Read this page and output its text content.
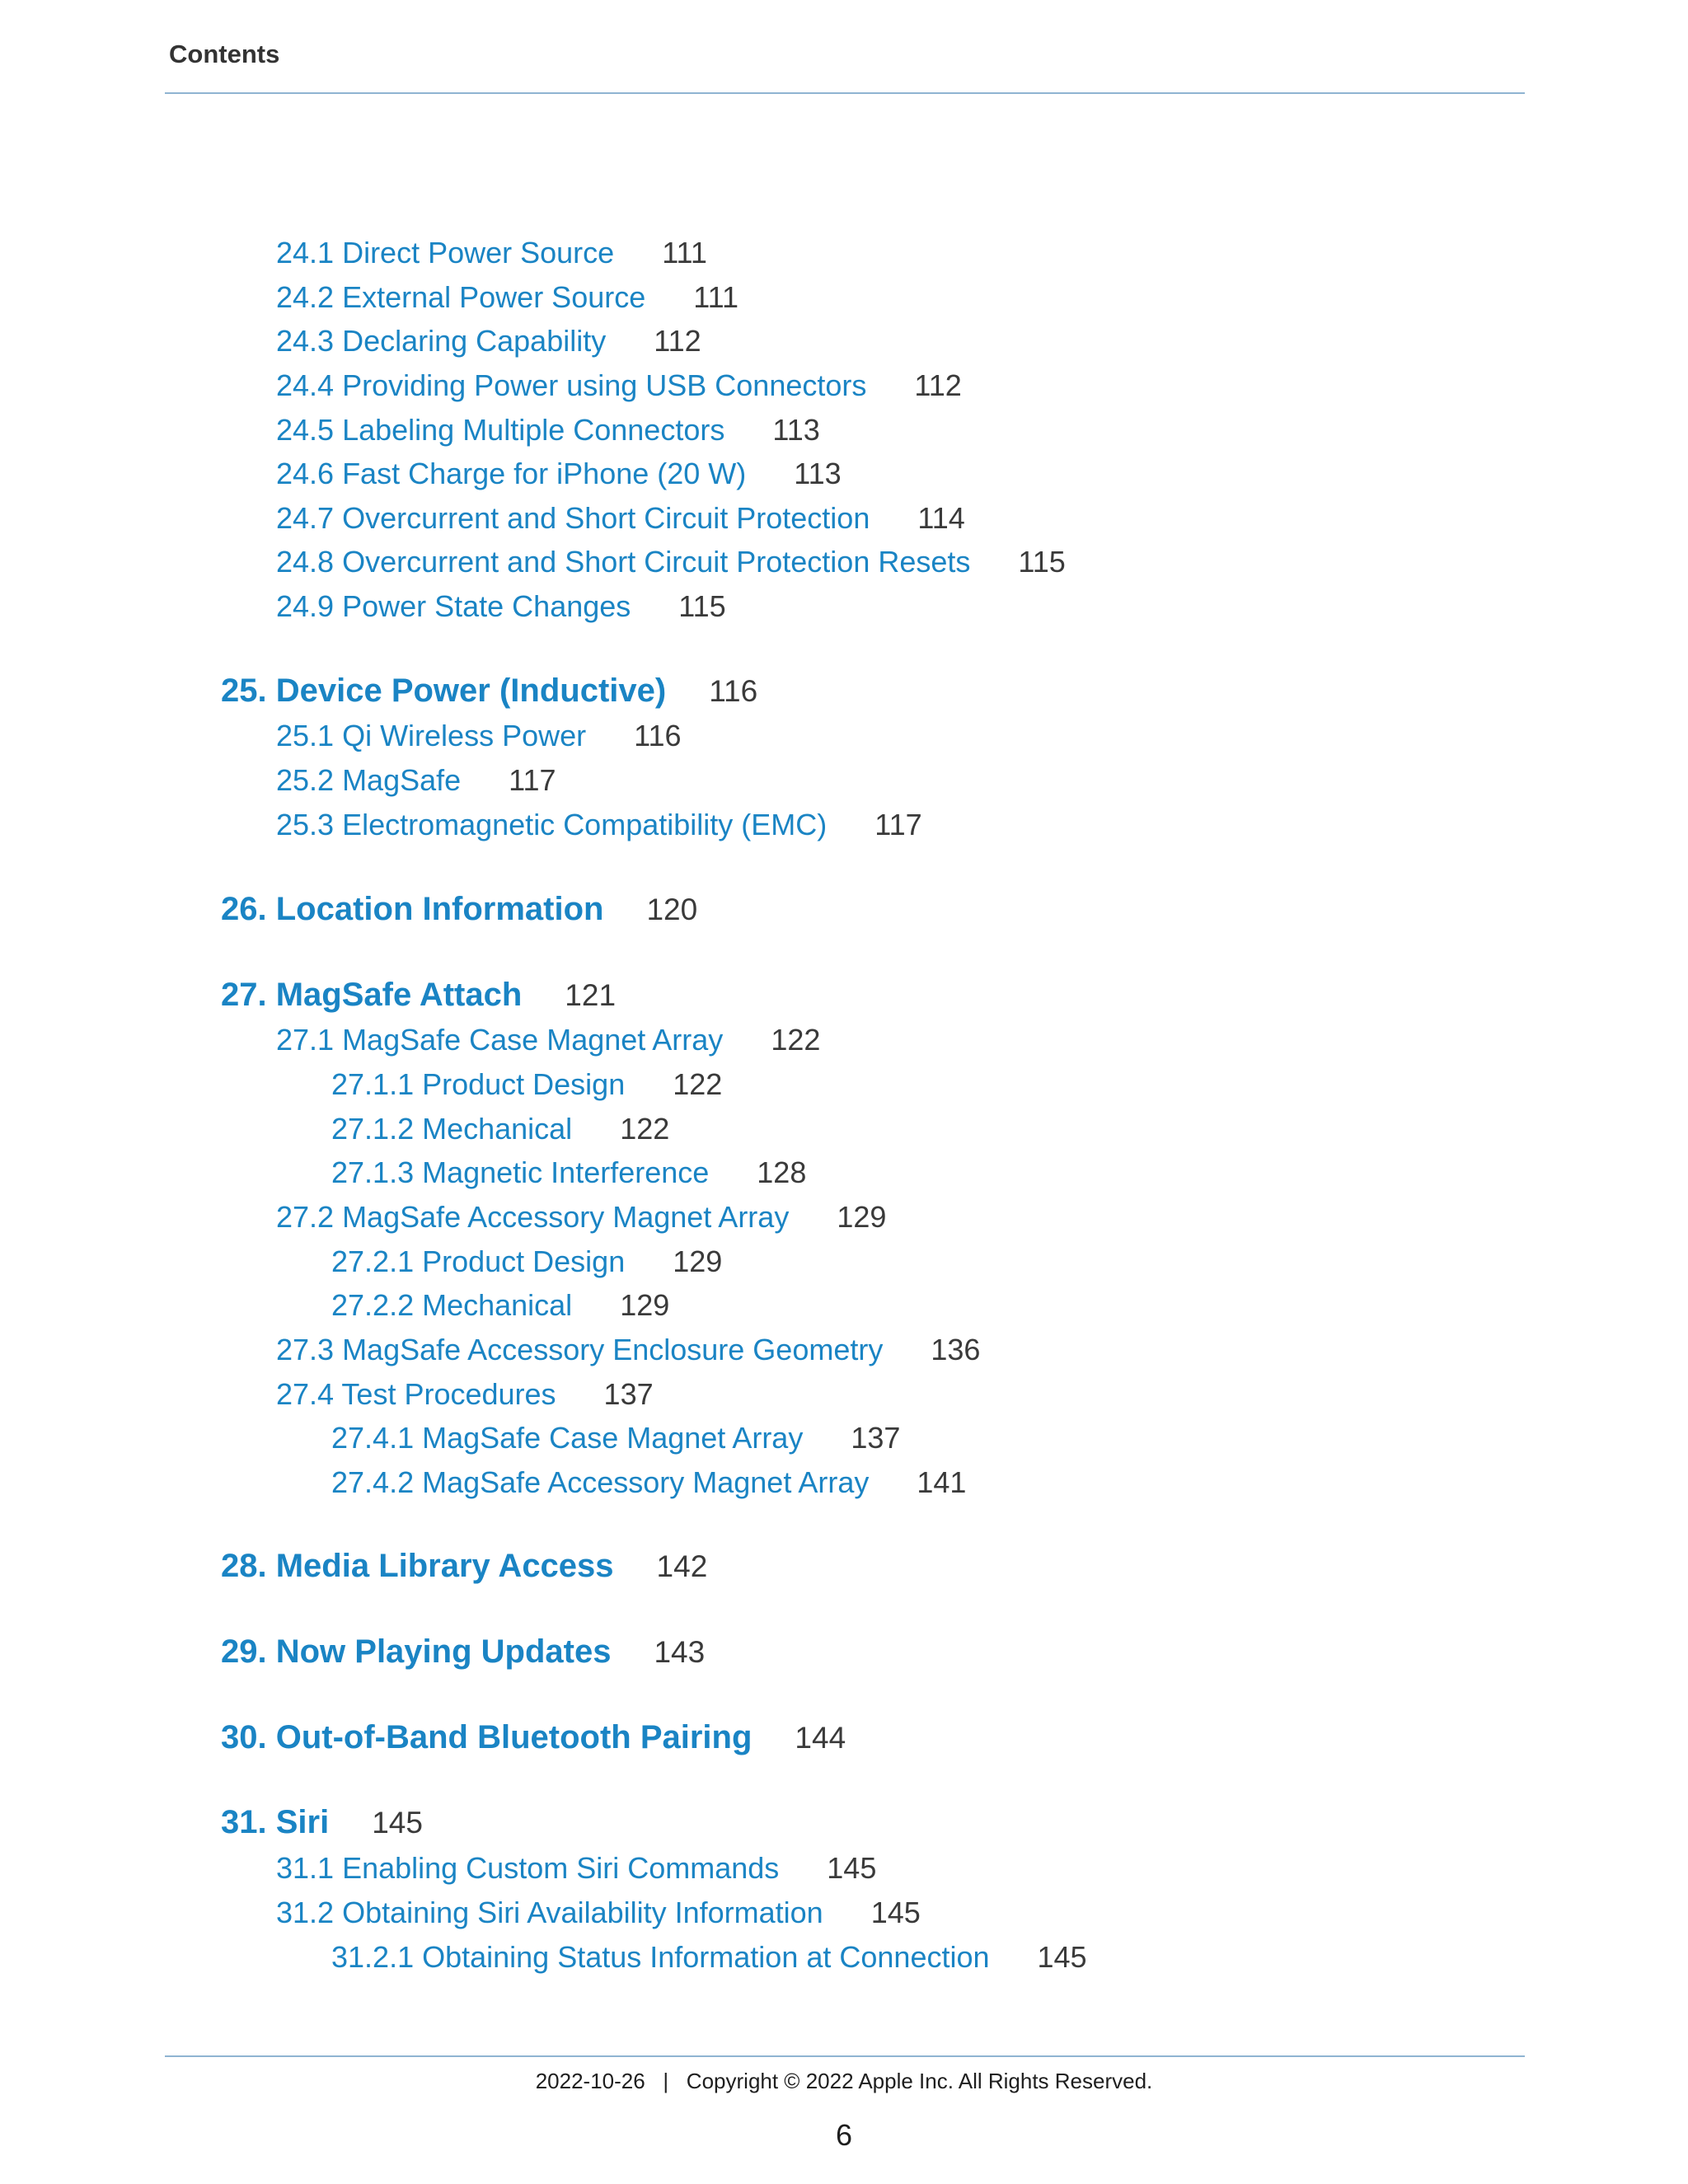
Contents
24.1 Direct Power Source 111
24.2 External Power Source 111
24.3 Declaring Capability 112
24.4 Providing Power using USB Connectors 112
24.5 Labeling Multiple Connectors 113
24.6 Fast Charge for iPhone (20 W) 113
24.7 Overcurrent and Short Circuit Protection 114
24.8 Overcurrent and Short Circuit Protection Resets 115
24.9 Power State Changes 115
25. Device Power (Inductive) 116
25.1 Qi Wireless Power 116
25.2 MagSafe 117
25.3 Electromagnetic Compatibility (EMC) 117
26. Location Information 120
27. MagSafe Attach 121
27.1 MagSafe Case Magnet Array 122
27.1.1 Product Design 122
27.1.2 Mechanical 122
27.1.3 Magnetic Interference 128
27.2 MagSafe Accessory Magnet Array 129
27.2.1 Product Design 129
27.2.2 Mechanical 129
27.3 MagSafe Accessory Enclosure Geometry 136
27.4 Test Procedures 137
27.4.1 MagSafe Case Magnet Array 137
27.4.2 MagSafe Accessory Magnet Array 141
28. Media Library Access 142
29. Now Playing Updates 143
30. Out-of-Band Bluetooth Pairing 144
31. Siri 145
31.1 Enabling Custom Siri Commands 145
31.2 Obtaining Siri Availability Information 145
31.2.1 Obtaining Status Information at Connection 145
2022-10-26   |   Copyright © 2022 Apple Inc. All Rights Reserved.
6
